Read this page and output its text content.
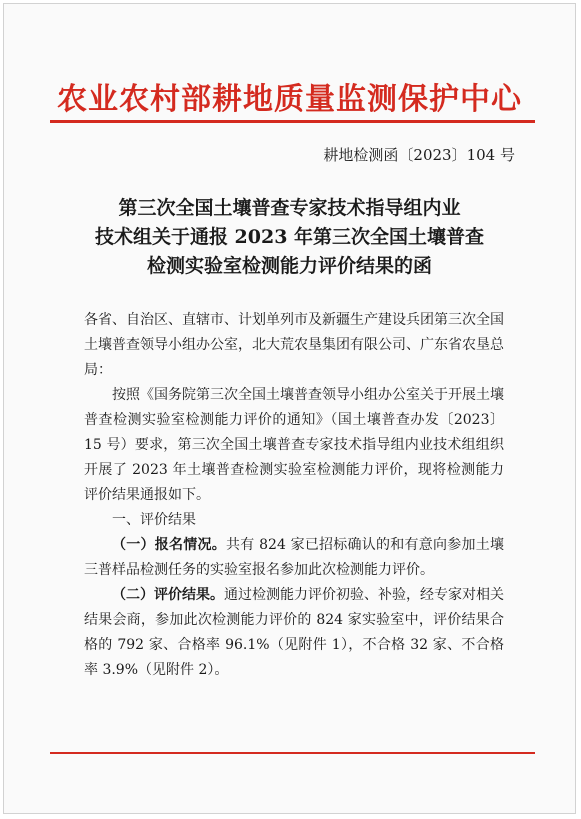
农业农村部耕地质量监测保护中心
耕地检测函〔2023〕104 号
第三次全国土壤普查专家技术指导组内业
技术组关于通报 2023 年第三次全国土壤普查
检测实验室检测能力评价结果的函

各省、自治区、直辖市、计划单列市及新疆生产建设兵团第三次全国土壤普查领导小组办公室，北大荒农垦集团有限公司、广东省农垦总局：

按照《国务院第三次全国土壤普查领导小组办公室关于开展土壤普查检测实验室检测能力评价的通知》（国土壤普查办发〔2023〕15 号）要求，第三次全国土壤普查专家技术指导组内业技术组组织开展了 2023 年土壤普查检测实验室检测能力评价，现将检测能力评价结果通报如下。

一、评价结果

（一）报名情况。共有 824 家已招标确认的和有意向参加土壤三普样品检测任务的实验室报名参加此次检测能力评价。

（二）评价结果。通过检测能力评价初验、补验，经专家对相关结果会商，参加此次检测能力评价的 824 家实验室中，评价结果合格的 792 家、合格率 96.1%（见附件 1），不合格 32 家、不合格率 3.9%（见附件 2）。
